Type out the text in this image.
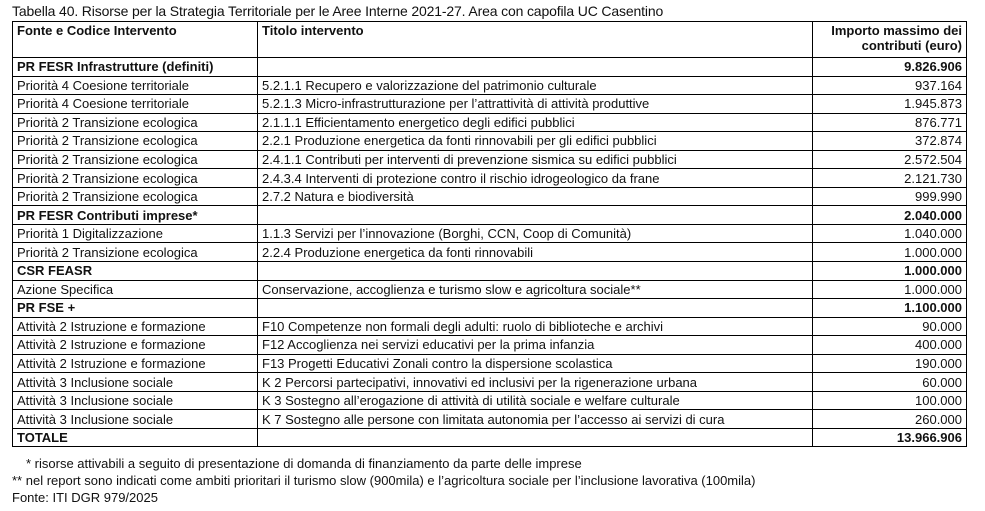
Tabella 40. Risorse per la Strategia Territoriale per le Aree Interne 2021-27. Area con capofila UC Casentino
Fonte e Codice Intervento	Titolo intervento	Importo massimo dei
contributi (euro)
PR FESR Infrastrutture (definiti)		9.826.906
Priorità 4 Coesione territoriale	5.2.1.1 Recupero e valorizzazione del patrimonio culturale	937.164
Priorità 4 Coesione territoriale	5.2.1.3 Micro-infrastrutturazione per l’attrattività di attività produttive	1.945.873
Priorità 2 Transizione ecologica	2.1.1.1 Efficientamento energetico degli edifici pubblici	876.771
Priorità 2 Transizione ecologica	2.2.1 Produzione energetica da fonti rinnovabili per gli edifici pubblici	372.874
Priorità 2 Transizione ecologica	2.4.1.1 Contributi per interventi di prevenzione sismica su edifici pubblici	2.572.504
Priorità 2 Transizione ecologica	2.4.3.4 Interventi di protezione contro il rischio idrogeologico da frane	2.121.730
Priorità 2 Transizione ecologica	2.7.2 Natura e biodiversità	999.990
PR FESR Contributi imprese*		2.040.000
Priorità 1 Digitalizzazione	1.1.3 Servizi per l’innovazione (Borghi, CCN, Coop di Comunità)	1.040.000
Priorità 2 Transizione ecologica	2.2.4 Produzione energetica da fonti rinnovabili	1.000.000
CSR FEASR		1.000.000
Azione Specifica	Conservazione, accoglienza e turismo slow e agricoltura sociale**	1.000.000
PR FSE +		1.100.000
Attività 2 Istruzione e formazione	F10 Competenze non formali degli adulti: ruolo di biblioteche e archivi	90.000
Attività 2 Istruzione e formazione	F12 Accoglienza nei servizi educativi per la prima infanzia	400.000
Attività 2 Istruzione e formazione	F13 Progetti Educativi Zonali contro la dispersione scolastica	190.000
Attività 3 Inclusione sociale	K 2 Percorsi partecipativi, innovativi ed inclusivi per la rigenerazione urbana	60.000
Attività 3 Inclusione sociale	K 3 Sostegno all’erogazione di attività di utilità sociale e welfare culturale	100.000
Attività 3 Inclusione sociale	K 7 Sostegno alle persone con limitata autonomia per l’accesso ai servizi di cura	260.000
TOTALE		13.966.906
* risorse attivabili a seguito di presentazione di domanda di finanziamento da parte delle imprese
** nel report sono indicati come ambiti prioritari il turismo slow (900mila) e l’agricoltura sociale per l’inclusione lavorativa (100mila)
Fonte: ITI DGR 979/2025
